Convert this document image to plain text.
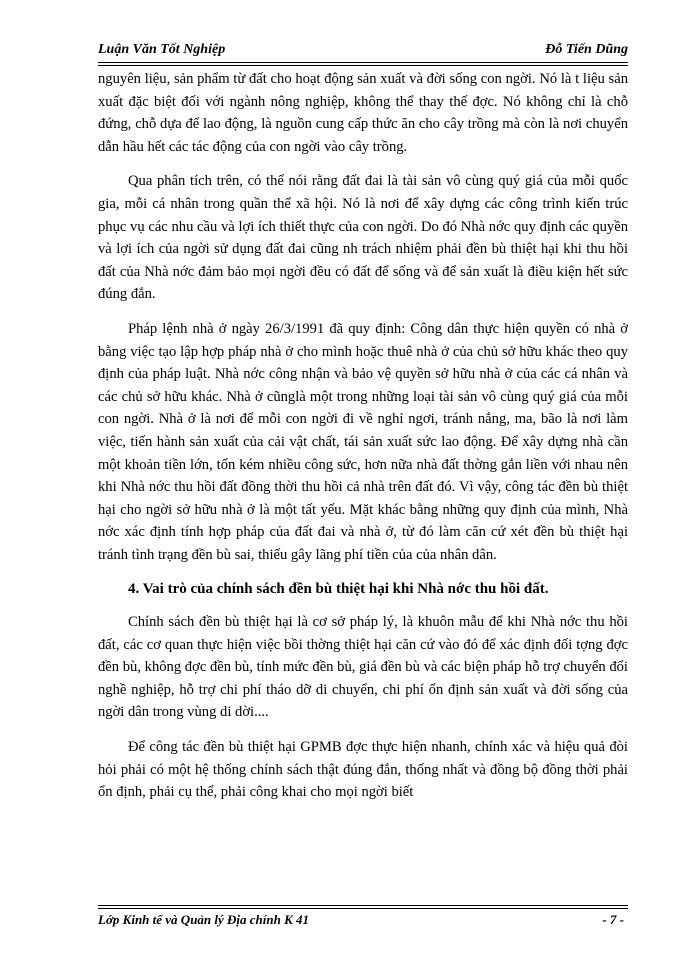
Luận Văn Tốt Nghiệp	Đỗ Tiến Dũng

nguyên liệu, sản phẩm từ đất cho hoạt động sản xuất và đời sống con ngời. Nó là t liệu sản xuất đặc biệt đối với ngành nông nghiệp, không thể thay thế đợc. Nó không chỉ là chỗ đứng, chỗ dựa để lao động, là nguồn cung cấp thức ăn cho cây trồng mà còn là nơi chuyển dẫn hầu hết các tác động của con ngời vào cây trồng.

Qua phân tích trên, có thể nói rằng đất đai là tài sản vô cùng quý giá của mỗi quốc gia, mỗi cá nhân trong quần thể xã hội. Nó là nơi để xây dựng các công trình kiến trúc phục vụ các nhu cầu và lợi ích thiết thực của con ngời. Do đó Nhà nớc quy định các quyền và lợi ích của ngời sử dụng đất đai cũng nh trách nhiệm phải đền bù thiệt hại khi thu hồi đất của Nhà nớc đảm bảo mọi ngời đều có đất để sống và để sản xuất là điều kiện hết sức đúng đắn.

Pháp lệnh nhà ở ngày 26/3/1991 đã quy định: Công dân thực hiện quyền có nhà ở bằng việc tạo lập hợp pháp nhà ở cho mình hoặc thuê nhà ở của chủ sở hữu khác theo quy định của pháp luật. Nhà nớc công nhận và bảo vệ quyền sở hữu nhà ở của các cá nhân và các chủ sở hữu khác. Nhà ở cũnglà một trong những loại tài sản vô cùng quý giá của mỗi con ngời. Nhà ở là nơi để mỗi con ngời đi về nghỉ ngơi, tránh nắng, ma, bão là nơi làm việc, tiến hành sản xuất của cải vật chất, tái sản xuất sức lao động. Để xây dựng nhà cần một khoản tiền lớn, tốn kém nhiều công sức, hơn nữa nhà đất thờng gắn liền với nhau nên khi Nhà nớc thu hồi đất đồng thời thu hồi cả nhà trên đất đó. Vì vậy, công tác đền bù thiệt hại cho ngời sở hữu nhà ở là một tất yếu. Mặt khác bằng những quy định của mình, Nhà nớc xác định tính hợp pháp của đất đai và nhà ở, từ đó làm căn cứ xét đền bù thiệt hại tránh tình trạng đền bù sai, thiếu gây lãng phí tiền của của nhân dân.

4. Vai trò của chính sách đền bù thiệt hại khi Nhà nớc thu hồi đất.

Chính sách đền bù thiệt hại là cơ sở pháp lý, là khuôn mẫu để khi Nhà nớc thu hồi đất, các cơ quan thực hiện việc bồi thờng thiệt hại căn cứ vào đó để xác định đối tợng đợc đền bù, không đợc đền bù, tính mức đền bù, giá đền bù và các biện pháp hỗ trợ chuyển đổi nghề nghiệp, hỗ trợ chi phí tháo dỡ di chuyển, chi phí ổn định sản xuất và đời sống của ngời dân trong vùng di dời....

Để công tác đền bù thiệt hại GPMB đợc thực hiện nhanh, chính xác và hiệu quả đòi hỏi phải có một hệ thống chính sách thật đúng đắn, thống nhất và đồng bộ đồng thời phải ổn định, phải cụ thể, phải công khai cho mọi ngời biết

Lớp Kinh tế và Quản lý Địa chính K 41	- 7 -
